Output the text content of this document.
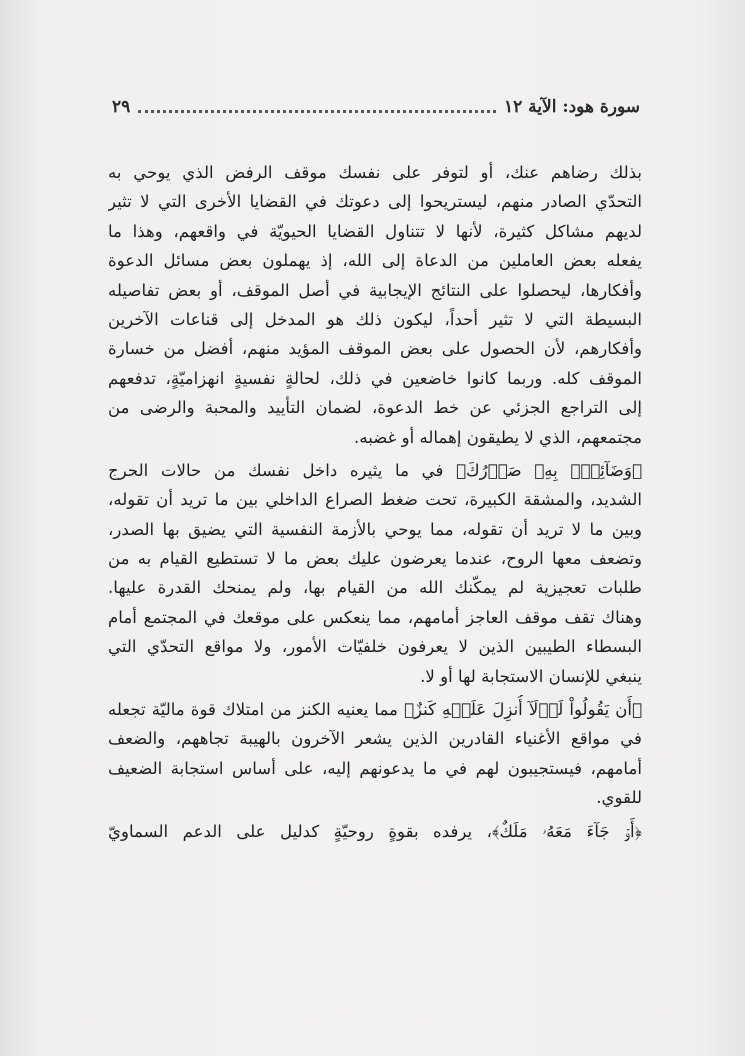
سورة هود: الآية ١٢
٢٩
بذلك رضاهم عنك، أو لتوفر على نفسك موقف الرفض الذي يوحي به
التحدّي الصادر منهم، ليستريحوا إلى دعوتك في القضايا الأخرى التي لا تثير
لديهم مشاكل كثيرة، لأنها لا تتناول القضايا الحيويّة في واقعهم، وهذا ما
يفعله بعض العاملين من الدعاة إلى الله، إذ يهملون بعض مسائل الدعوة
وأفكارها، ليحصلوا على النتائج الإيجابية في أصل الموقف، أو بعض تفاصيله
البسيطة التي لا تثير أحداً، ليكون ذلك هو المدخل إلى قناعات الآخرين
وأفكارهم، لأن الحصول على بعض الموقف المؤيد منهم، أفضل من خسارة
الموقف كله. وربما كانوا خاضعين في ذلك، لحالةٍ نفسيةٍ انهزاميّةٍ، تدفعهم
إلى التراجع الجزئي عن خط الدعوة، لضمان التأييد والمحبة والرضى من
مجتمعهم، الذي لا يطيقون إهماله أو غضبه.
﴿وَضَآئِقٌۢ بِهِۦ صَدۡرُكَ﴾ في ما يثيره داخل نفسك من حالات الحرج
الشديد، والمشقة الكبيرة، تحت ضغط الصراع الداخلي بين ما تريد أن تقوله،
وبين ما لا تريد أن تقوله، مما يوحي بالأزمة النفسية التي يضيق بها الصدر،
وتضعف معها الروح، عندما يعرضون عليك بعض ما لا تستطيع القيام به من
طلبات تعجيزية لم يمكّنك الله من القيام بها، ولم يمنحك القدرة عليها.
وهناك تقف موقف العاجز أمامهم، مما ينعكس على موقعك في المجتمع أمام
البسطاء الطيبين الذين لا يعرفون خلفيّات الأمور، ولا مواقع التحدّي التي
ينبغي للإنسان الاستجابة لها أو لا.
﴿أَن يَقُولُواْ لَوۡلَآ أُنزِلَ عَلَيۡهِ كَنزٌ﴾ مما يعنيه الكنز من امتلاك قوة ماليّة تجعله
في مواقع الأغنياء القادرين الذين يشعر الآخرون بالهيبة تجاههم، والضعف
أمامهم، فيستجيبون لهم في ما يدعونهم إليه، على أساس استجابة الضعيف
للقوي.
﴿أَوۡ جَآءَ مَعَهُۥ مَلَكٌ﴾، يرفده بقوةٍ روحيّةٍ كدليل على الدعم السماويّ
